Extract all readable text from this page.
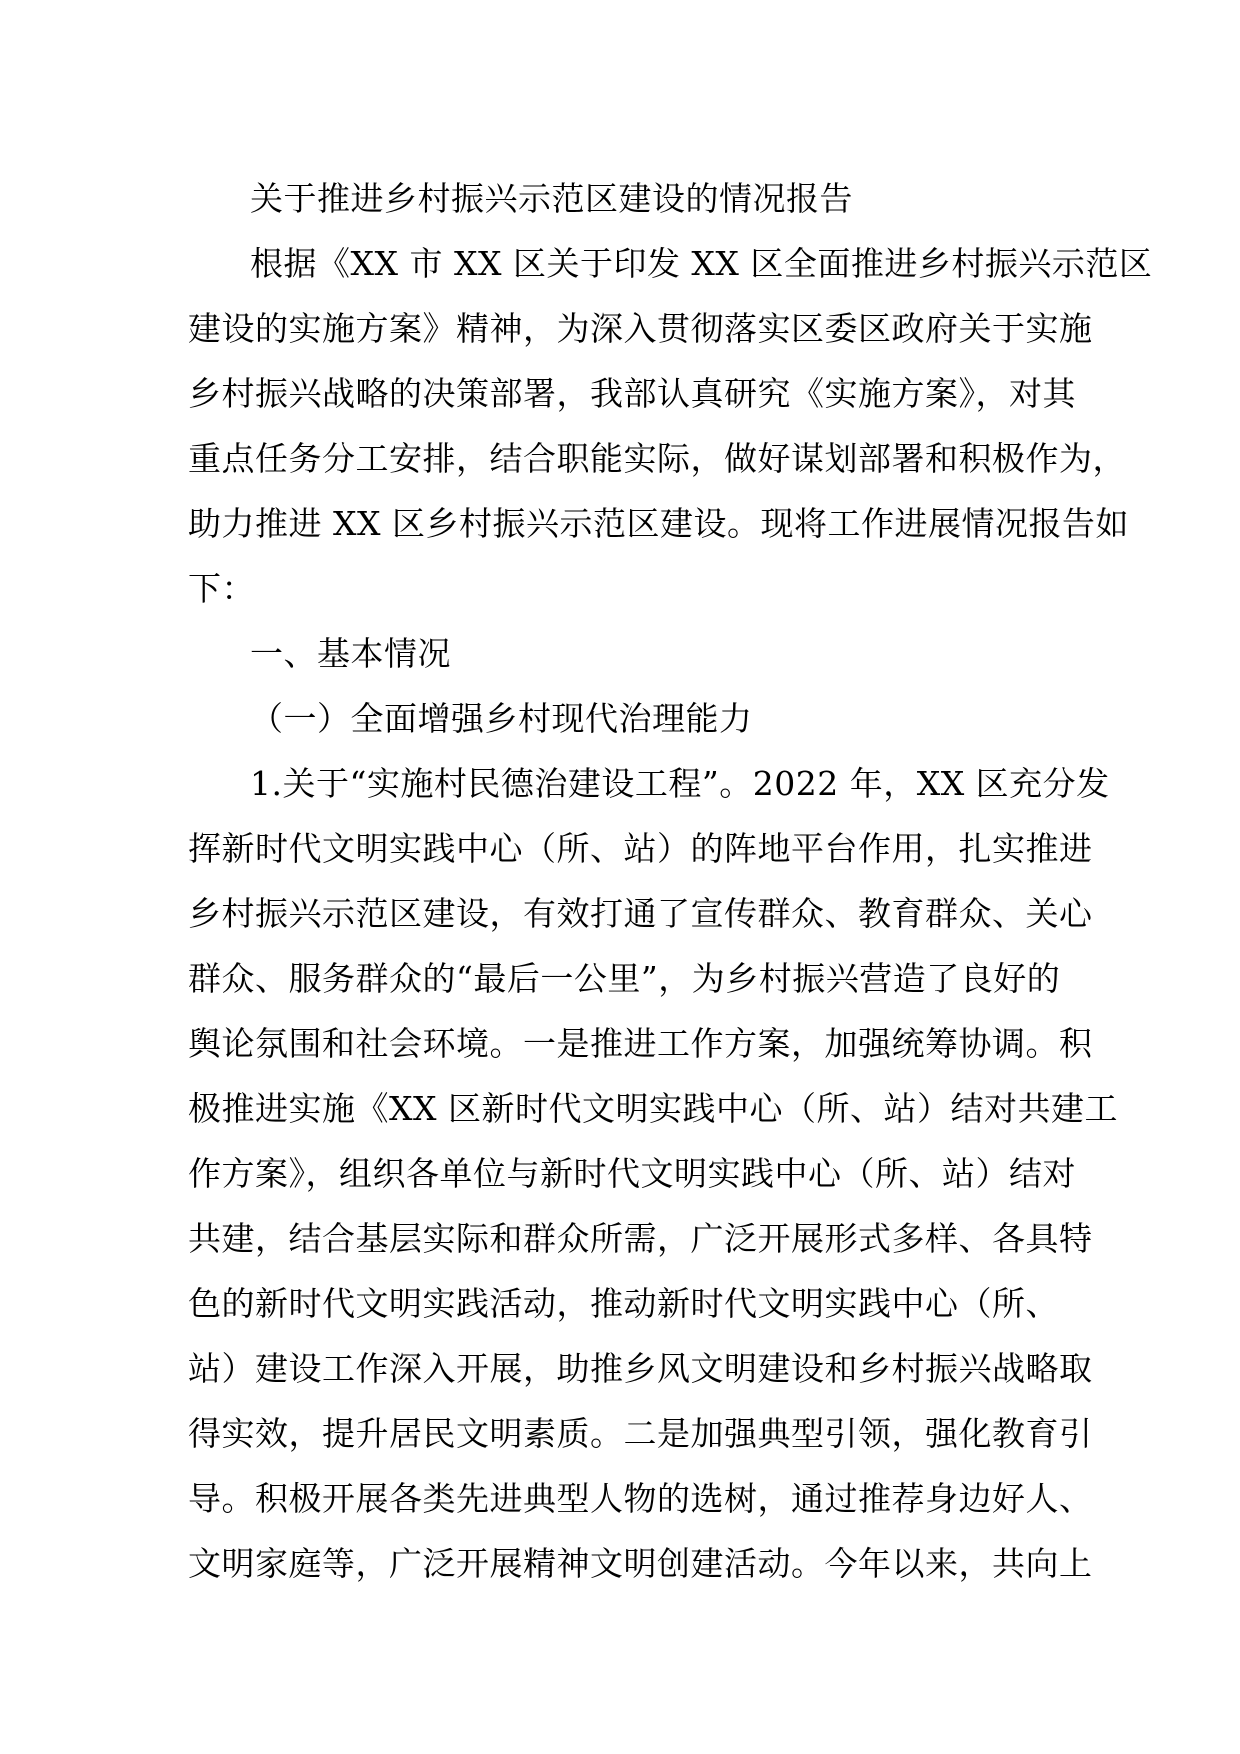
关于推进乡村振兴示范区建设的情况报告
根据《XX 市 XX 区关于印发 XX 区全面推进乡村振兴示范区
建设的实施方案》精神，为深入贯彻落实区委区政府关于实施
乡村振兴战略的决策部署，我部认真研究《实施方案》，对其
重点任务分工安排，结合职能实际，做好谋划部署和积极作为，
助力推进 XX 区乡村振兴示范区建设。现将工作进展情况报告如
下：
一、基本情况
（一）全面增强乡村现代治理能力
1.关于“实施村民德治建设工程”。2022 年，XX 区充分发
挥新时代文明实践中心（所、站）的阵地平台作用，扎实推进
乡村振兴示范区建设，有效打通了宣传群众、教育群众、关心
群众、服务群众的“最后一公里”，为乡村振兴营造了良好的
舆论氛围和社会环境。一是推进工作方案，加强统筹协调。积
极推进实施《XX 区新时代文明实践中心（所、站）结对共建工
作方案》，组织各单位与新时代文明实践中心（所、站）结对
共建，结合基层实际和群众所需，广泛开展形式多样、各具特
色的新时代文明实践活动，推动新时代文明实践中心（所、
站）建设工作深入开展，助推乡风文明建设和乡村振兴战略取
得实效，提升居民文明素质。二是加强典型引领，强化教育引
导。积极开展各类先进典型人物的选树，通过推荐身边好人、
文明家庭等，广泛开展精神文明创建活动。今年以来，共向上
